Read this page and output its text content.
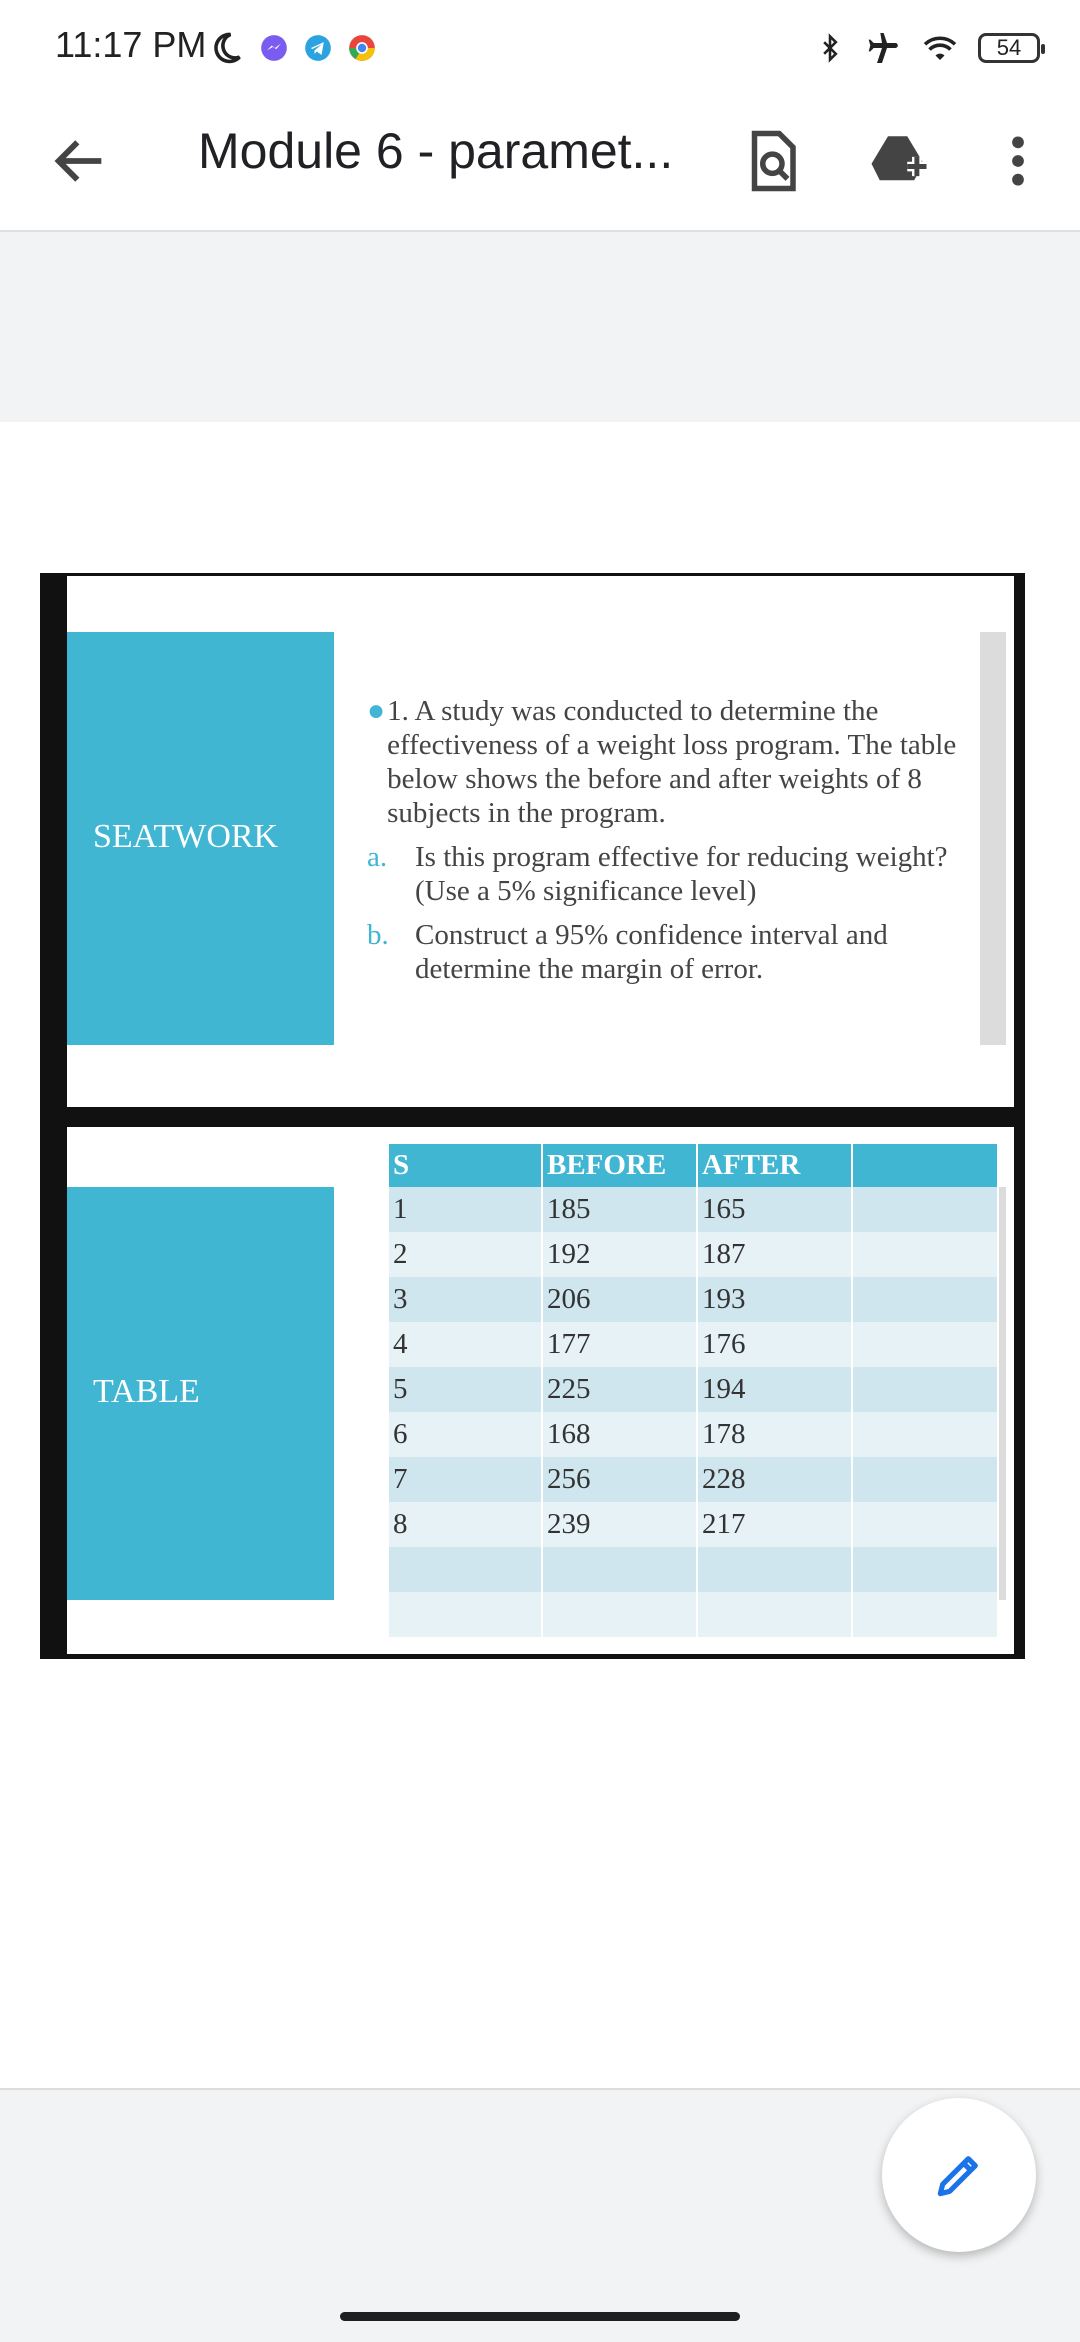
11:17 PM	54
Module 6 - paramet...
SEATWORK
● 1. A study was conducted to determine the effectiveness of a weight loss program. The table below shows the before and after weights of 8 subjects in the program.
a. Is this program effective for reducing weight? (Use a 5% significance level)
b. Construct a 95% confidence interval and determine the margin of error.
TABLE
S	BEFORE	AFTER	
1	185	165	
2	192	187	
3	206	193	
4	177	176	
5	225	194	
6	168	178	
7	256	228	
8	239	217	
